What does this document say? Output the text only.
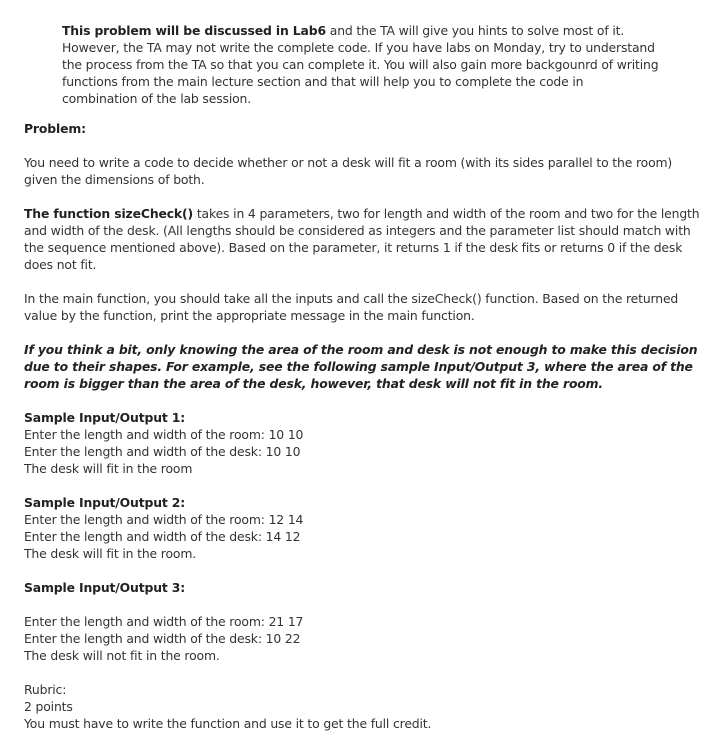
This problem will be discussed in Lab6 and the TA will give you hints to solve most of it. However, the TA may not write the complete code. If you have labs on Monday, try to understand the process from the TA so that you can complete it. You will also gain more backgounrd of writing functions from the main lecture section and that will help you to complete the code in combination of the lab session.

Problem:

You need to write a code to decide whether or not a desk will fit a room (with its sides parallel to the room) given the dimensions of both.

The function sizeCheck() takes in 4 parameters, two for length and width of the room and two for the length and width of the desk. (All lengths should be considered as integers and the parameter list should match with the sequence mentioned above). Based on the parameter, it returns 1 if the desk fits or returns 0 if the desk does not fit.

In the main function, you should take all the inputs and call the sizeCheck() function. Based on the returned value by the function, print the appropriate message in the main function.

If you think a bit, only knowing the area of the room and desk is not enough to make this decision due to their shapes. For example, see the following sample Input/Output 3, where the area of the room is bigger than the area of the desk, however, that desk will not fit in the room.

Sample Input/Output 1:
Enter the length and width of the room: 10 10
Enter the length and width of the desk: 10 10
The desk will fit in the room
Sample Input/Output 2:
Enter the length and width of the room: 12 14
Enter the length and width of the desk: 14 12
The desk will fit in the room.
Sample Input/Output 3:
Enter the length and width of the room: 21 17
Enter the length and width of the desk: 10 22
The desk will not fit in the room.
Rubric:
2 points
You must have to write the function and use it to get the full credit.
